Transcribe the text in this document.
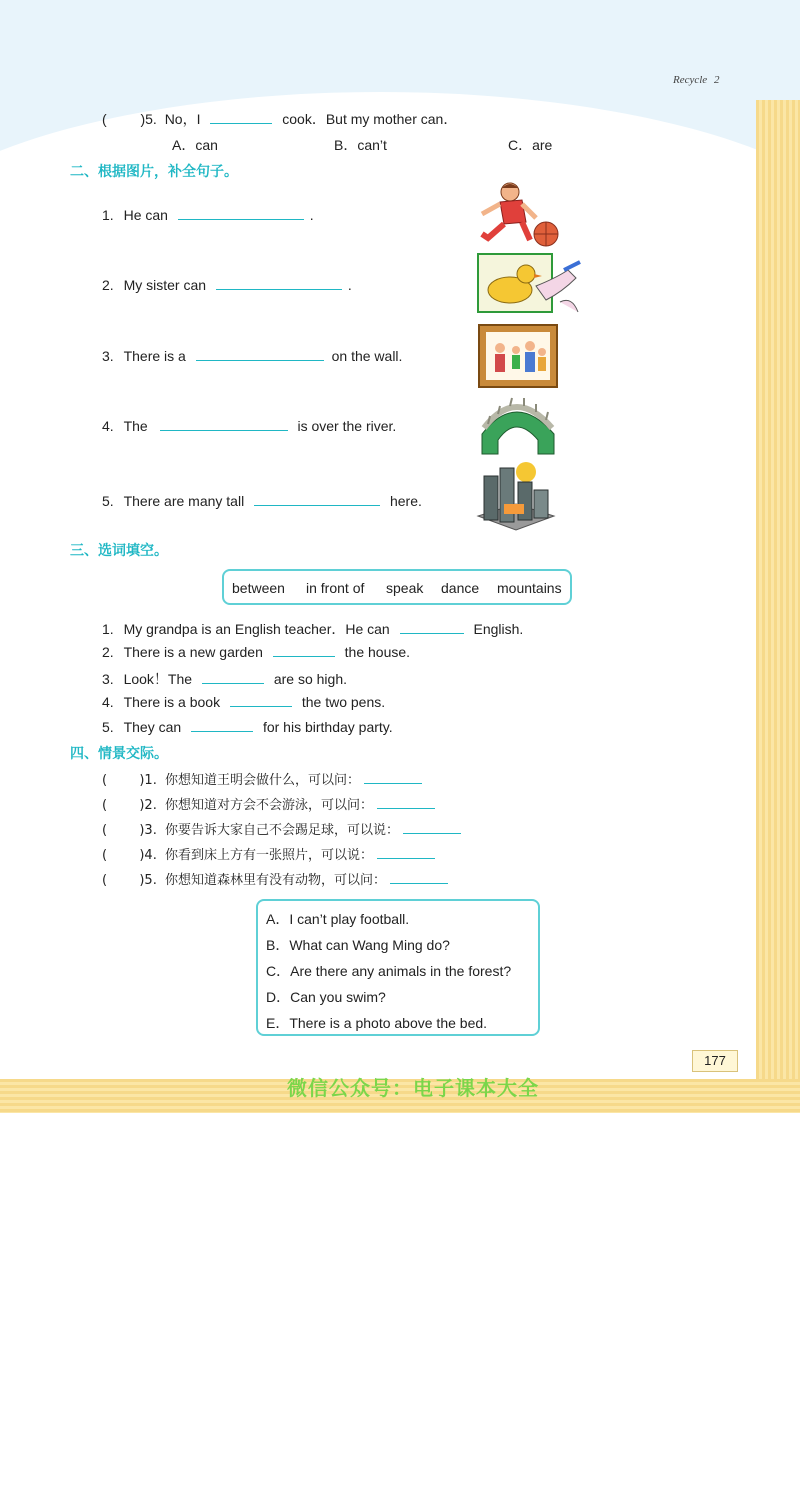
Recycle 2
( )5. No，I	cook．But my mother can．
A．can	B．can’t	C．are
二、根据图片，补全句子。
1. He can	.
2. My sister can	.
3. There is a	on the wall.
4. The	is over the river.
5. There are many tall	here.
三、选词填空。
between in front of speak dance mountains
1. My grandpa is an English teacher．He can	English.
2. There is a new garden	the house.
3. Look！The	are so high.
4. There is a book	the two pens.
5. They can	for his birthday party.
四、情景交际。
( )1. 你想知道王明会做什么，可以问：
( )2. 你想知道对方会不会游泳，可以问：
( )3. 你要告诉大家自己不会踢足球，可以说：
( )4. 你看到床上方有一张照片，可以说：
( )5. 你想知道森林里有没有动物，可以问：
A．I can’t play football.
B．What can Wang Ming do?
C．Are there any animals in the forest?
D．Can you swim?
E．There is a photo above the bed.
177
微信公众号：电子课本大全
